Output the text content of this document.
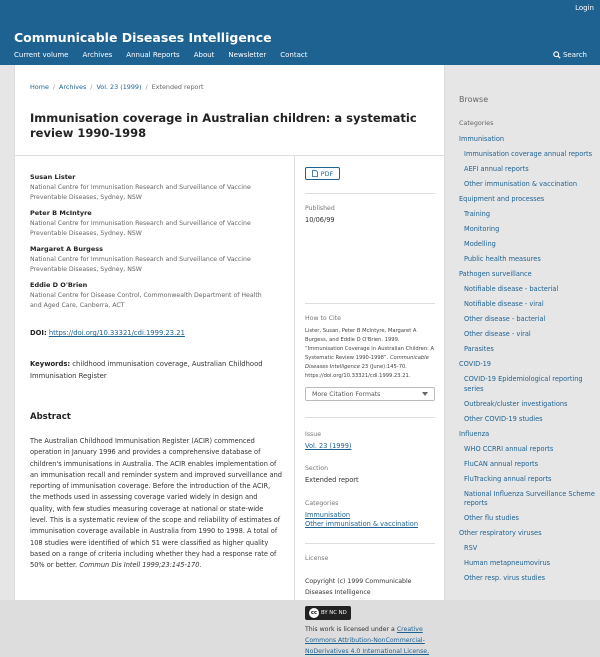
Login
Communicable Diseases Intelligence
Current volume Archives Annual Reports About Newsletter Contact	Search
Home / Archives / Vol. 23 (1999) / Extended report
Immunisation coverage in Australian children: a systematic review 1990-1998
Susan Lister
National Centre for Immunisation Research and Surveillance of Vaccine Preventable Diseases, Sydney, NSW
Peter B McIntyre
National Centre for Immunisation Research and Surveillance of Vaccine Preventable Diseases, Sydney, NSW
Margaret A Burgess
National Centre for Immunisation Research and Surveillance of Vaccine Preventable Diseases, Sydney, NSW
Eddie D O'Brien
National Centre for Disease Control, Commonwealth Department of Health and Aged Care, Canberra, ACT
DOI: https://doi.org/10.33321/cdi.1999.23.21
Keywords: childhood immunisation coverage, Australian Childhood Immunisation Register
Abstract
The Australian Childhood Immunisation Register (ACIR) commenced operation in January 1996 and provides a comprehensive database of children's immunisations in Australia. The ACIR enables implementation of an immunisation recall and reminder system and improved surveillance and reporting of immunisation coverage. Before the introduction of the ACIR, the methods used in assessing coverage varied widely in design and quality, with few studies measuring coverage at national or state-wide level. This is a systematic review of the scope and reliability of estimates of immunisation coverage available in Australia from 1990 to 1998. A total of 108 studies were identified of which 51 were classified as higher quality based on a range of criteria including whether they had a response rate of 50% or better. Commun Dis Intell 1999;23:145-170.
PDF
Published
10/06/99
How to Cite
Lister, Susan, Peter B McIntyre, Margaret A Burgess, and Eddie D O'Brien. 1999. “Immunisation Coverage in Australian Children: A Systematic Review 1990-1998”. Communicable Diseases Intelligence 23 (June):145-70. https://doi.org/10.33321/cdi.1999.23.21.
More Citation Formats
Issue
Vol. 23 (1999)
Section
Extended report
Categories
Immunisation
Other immunisation & vaccination
License
Copyright (c) 1999 Communicable Diseases Intelligence
cc BY NC ND
This work is licensed under a Creative Commons Attribution-NonCommercial-NoDerivatives 4.0 International License.
Browse
Categories
Immunisation
Immunisation coverage annual reports
AEFI annual reports
Other immunisation & vaccination
Equipment and processes
Training
Monitoring
Modelling
Public health measures
Pathogen surveillance
Notifiable disease - bacterial
Notifiable disease - viral
Other disease - bacterial
Other disease - viral
Parasites
COVID-19
COVID-19 Epidemiological reporting series
Outbreak/cluster investigations
Other COVID-19 studies
Influenza
WHO CCRRI annual reports
FluCAN annual reports
FluTracking annual reports
National Influenza Surveillance Scheme reports
Other flu studies
Other respiratory viruses
RSV
Human metapneumovirus
Other resp. virus studies
